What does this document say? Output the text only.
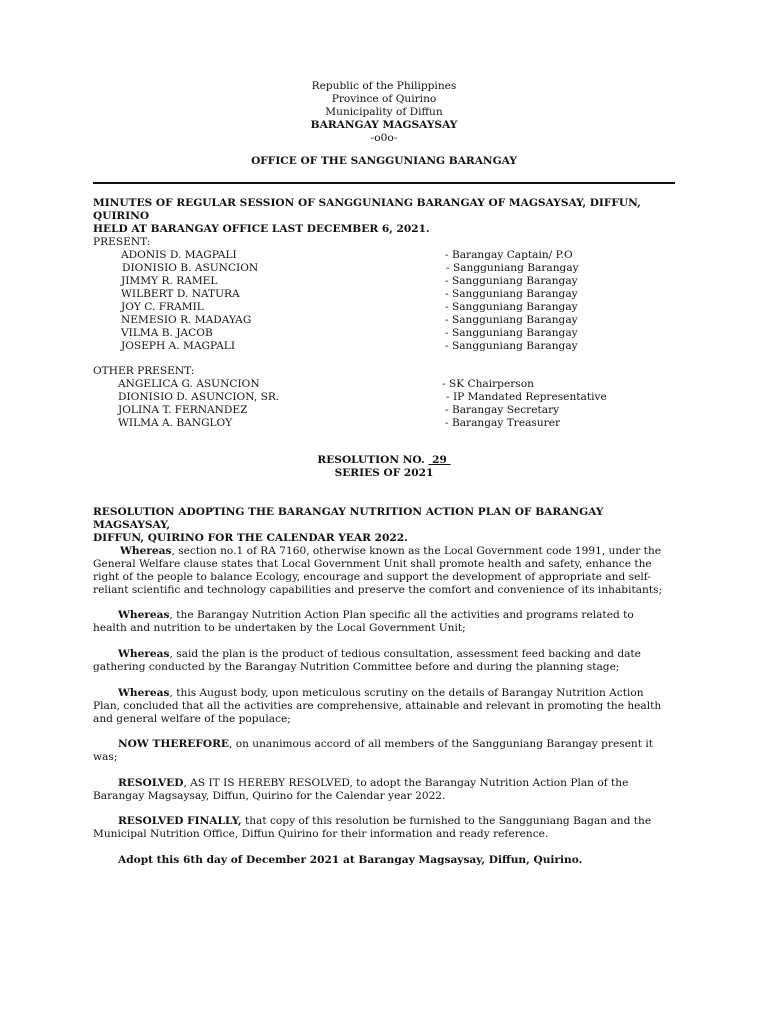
Republic of the Philippines
Province of Quirino
Municipality of Diffun
BARANGAY MAGSAYSAY
-o0o-
OFFICE OF THE SANGGUNIANG BARANGAY
MINUTES OF REGULAR SESSION OF SANGGUNIANG BARANGAY OF MAGSAYSAY, DIFFUN, QUIRINO
HELD AT BARANGAY OFFICE LAST DECEMBER 6, 2021.
PRESENT:
ADONIS D. MAGPALI	- Barangay Captain/ P.O
DIONISIO B. ASUNCION	- Sangguniang Barangay
JIMMY R. RAMEL	- Sangguniang Barangay
WILBERT D. NATURA	- Sangguniang Barangay
JOY C. FRAMIL	- Sangguniang Barangay
NEMESIO R. MADAYAG	- Sangguniang Barangay
VILMA B. JACOB	- Sangguniang Barangay
JOSEPH A. MAGPALI	- Sangguniang Barangay
OTHER PRESENT:
ANGELICA G. ASUNCION	- SK Chairperson
DIONISIO D. ASUNCION, SR.	- IP Mandated Representative
JOLINA T. FERNANDEZ	- Barangay Secretary
WILMA A. BANGLOY	- Barangay Treasurer
RESOLUTION NO. 29
SERIES OF 2021
RESOLUTION ADOPTING THE BARANGAY NUTRITION ACTION PLAN OF BARANGAY MAGSAYSAY,
DIFFUN, QUIRINO FOR THE CALENDAR YEAR 2022.
Whereas, section no.1 of RA 7160, otherwise known as the Local Government code 1991, under the
General Welfare clause states that Local Government Unit shall promote health and safety, enhance the
right of the people to balance Ecology, encourage and support the development of appropriate and self-
reliant scientific and technology capabilities and preserve the comfort and convenience of its inhabitants;
Whereas, the Barangay Nutrition Action Plan specific all the activities and programs related to
health and nutrition to be undertaken by the Local Government Unit;
Whereas, said the plan is the product of tedious consultation, assessment feed backing and date
gathering conducted by the Barangay Nutrition Committee before and during the planning stage;
Whereas, this August body, upon meticulous scrutiny on the details of Barangay Nutrition Action
Plan, concluded that all the activities are comprehensive, attainable and relevant in promoting the health
and general welfare of the populace;
NOW THEREFORE, on unanimous accord of all members of the Sangguniang Barangay present it
was;
RESOLVED, AS IT IS HEREBY RESOLVED, to adopt the Barangay Nutrition Action Plan of the
Barangay Magsaysay, Diffun, Quirino for the Calendar year 2022.
RESOLVED FINALLY, that copy of this resolution be furnished to the Sangguniang Bagan and the
Municipal Nutrition Office, Diffun Quirino for their information and ready reference.
Adopt this 6th day of December 2021 at Barangay Magsaysay, Diffun, Quirino.
